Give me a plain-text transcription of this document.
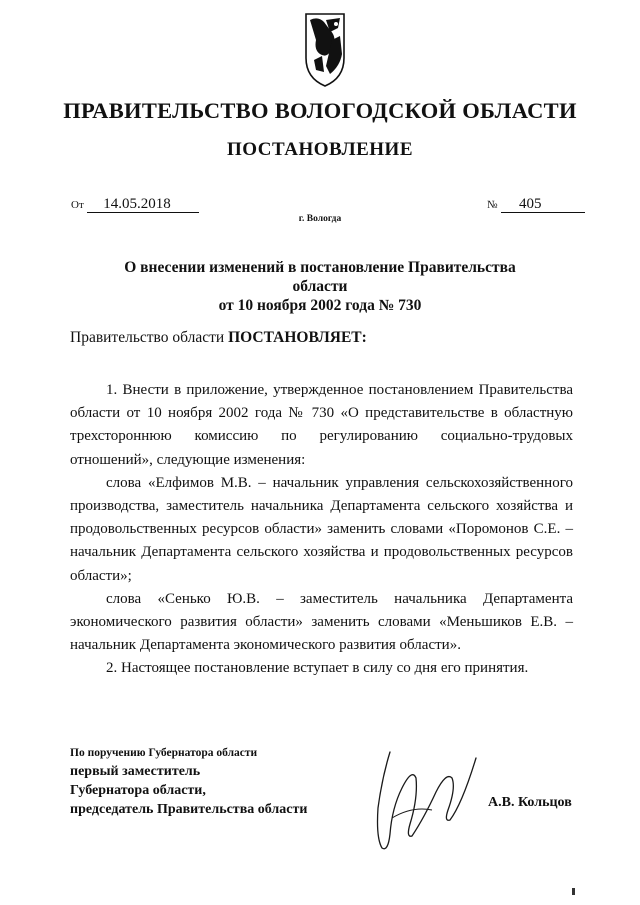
ПРАВИТЕЛЬСТВО ВОЛОГОДСКОЙ ОБЛАСТИ
ПОСТАНОВЛЕНИЕ
От 14.05.2018	№ 405
г. Вологда
О внесении изменений в постановление Правительства области
от 10 ноября 2002 года № 730
Правительство области ПОСТАНОВЛЯЕТ:

1. Внести в приложение, утвержденное постановлением Правительства области от 10 ноября 2002 года № 730 «О представительстве в областную трехстороннюю комиссию по регулированию социально-трудовых отношений», следующие изменения:

слова «Елфимов М.В. – начальник управления сельскохозяйственного производства, заместитель начальника Департамента сельского хозяйства и продовольственных ресурсов области» заменить словами «Поромонов С.Е. – начальник Департамента сельского хозяйства и продовольственных ресурсов области»;

слова «Сенько Ю.В. – заместитель начальника Департамента экономического развития области» заменить словами «Меньшиков Е.В. – начальник Департамента экономического развития области».

2. Настоящее постановление вступает в силу со дня его принятия.

По поручению Губернатора области
первый заместитель
Губернатора области,
председатель Правительства области	А.В. Кольцов
